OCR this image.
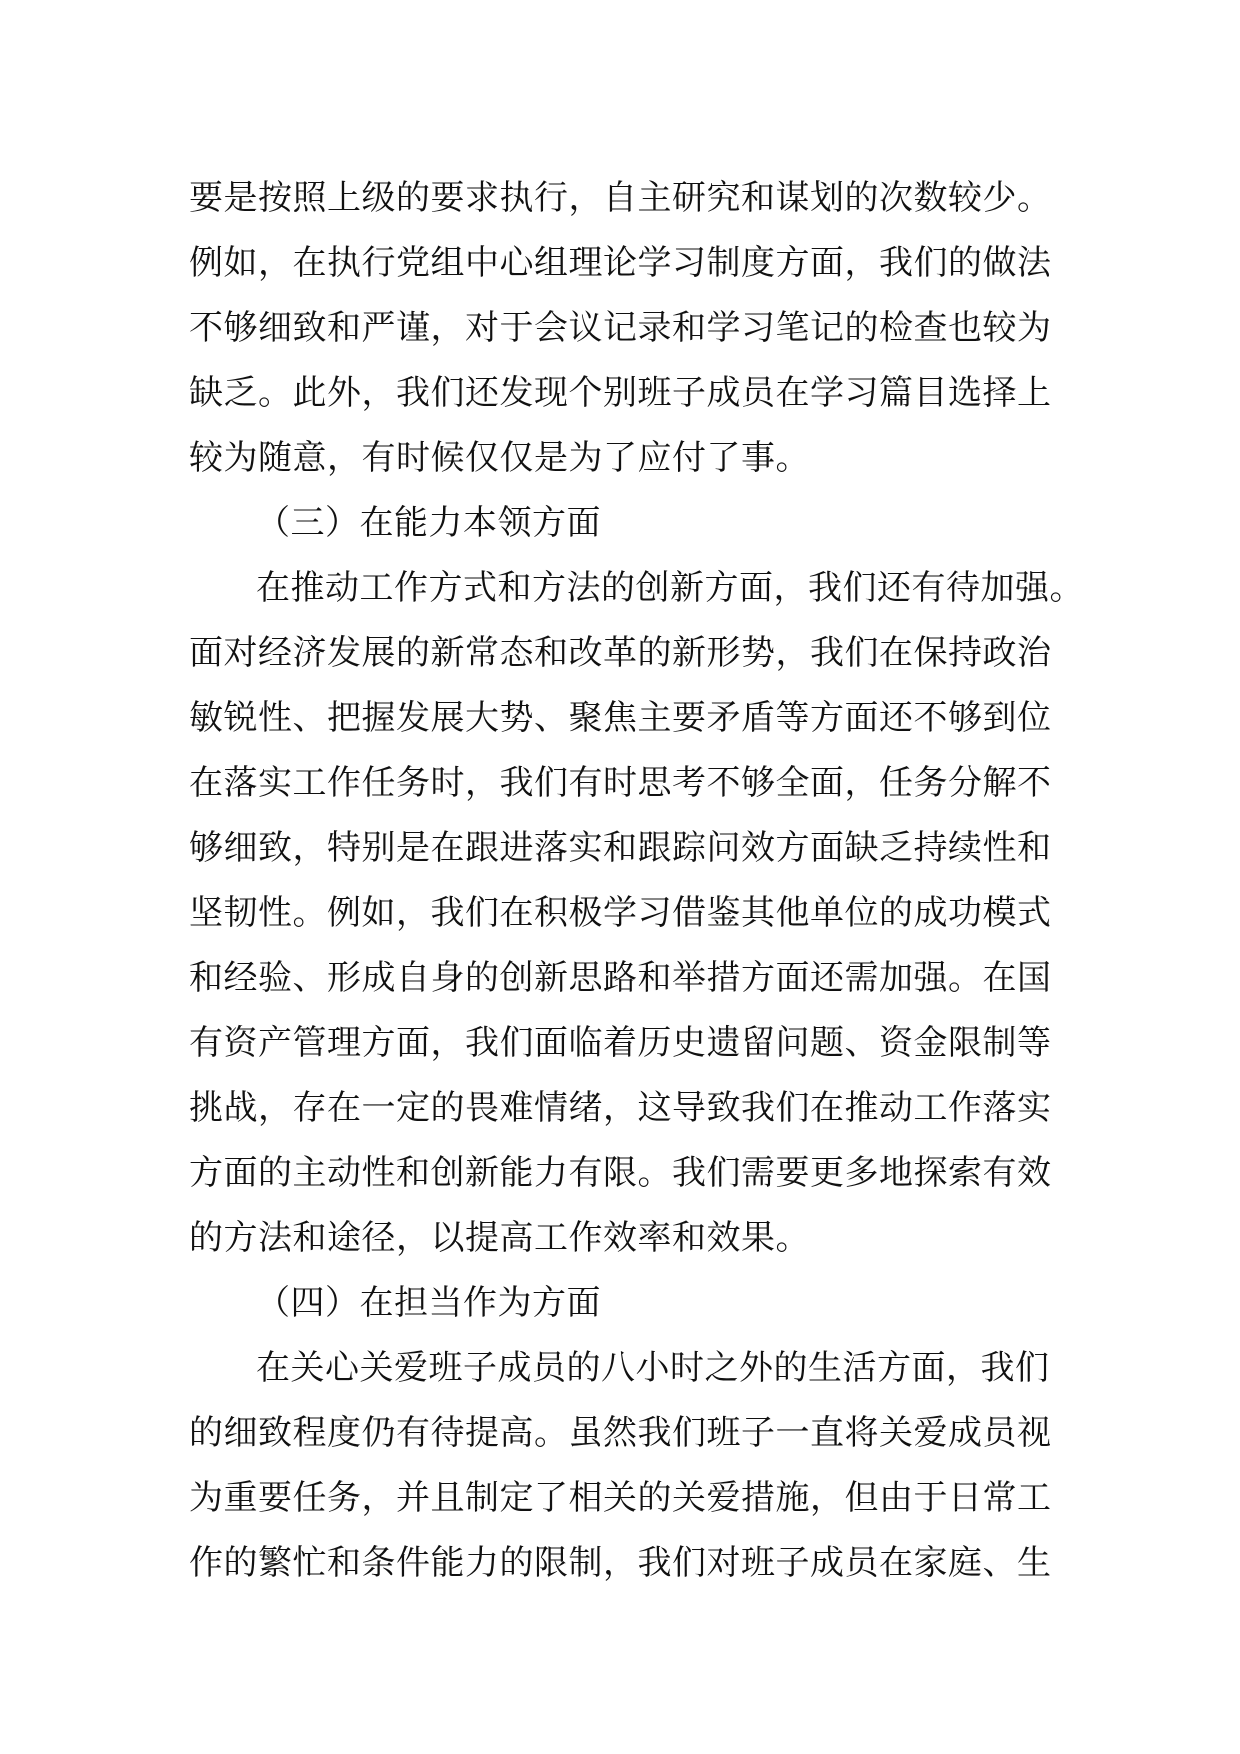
要是按照上级的要求执行，自主研究和谋划的次数较少。
例如，在执行党组中心组理论学习制度方面，我们的做法
不够细致和严谨，对于会议记录和学习笔记的检查也较为
缺乏。此外，我们还发现个别班子成员在学习篇目选择上
较为随意，有时候仅仅是为了应付了事。
（三）在能力本领方面
在推动工作方式和方法的创新方面，我们还有待加强。
面对经济发展的新常态和改革的新形势，我们在保持政治
敏锐性、把握发展大势、聚焦主要矛盾等方面还不够到位
在落实工作任务时，我们有时思考不够全面，任务分解不
够细致，特别是在跟进落实和跟踪问效方面缺乏持续性和
坚韧性。例如，我们在积极学习借鉴其他单位的成功模式
和经验、形成自身的创新思路和举措方面还需加强。在国
有资产管理方面，我们面临着历史遗留问题、资金限制等
挑战，存在一定的畏难情绪，这导致我们在推动工作落实
方面的主动性和创新能力有限。我们需要更多地探索有效
的方法和途径，以提高工作效率和效果。
（四）在担当作为方面
在关心关爱班子成员的八小时之外的生活方面，我们
的细致程度仍有待提高。虽然我们班子一直将关爱成员视
为重要任务，并且制定了相关的关爱措施，但由于日常工
作的繁忙和条件能力的限制，我们对班子成员在家庭、生
